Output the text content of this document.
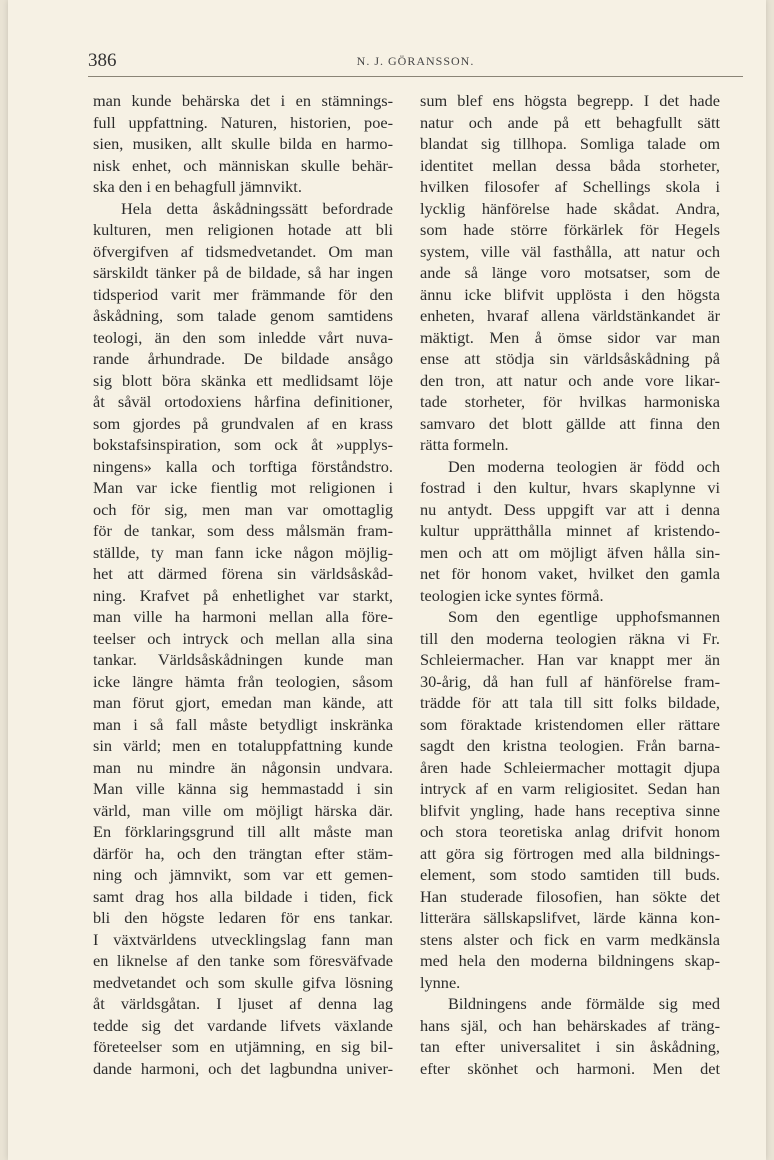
386	N. J. GÖRANSSON.
man kunde behärska det i en stämnings-
full uppfattning. Naturen, historien, poe-
sien, musiken, allt skulle bilda en harmo-
nisk enhet, och människan skulle behär-
ska den i en behagfull jämnvikt.
Hela detta åskådningssätt befordrade
kulturen, men religionen hotade att bli
öfvergifven af tidsmedvetandet. Om man
särskildt tänker på de bildade, så har ingen
tidsperiod varit mer främmande för den
åskådning, som talade genom samtidens
teologi, än den som inledde vårt nuva-
rande århundrade. De bildade ansågo
sig blott böra skänka ett medlidsamt löje
åt såväl ortodoxiens hårfina definitioner,
som gjordes på grundvalen af en krass
bokstafsinspiration, som ock åt »upplys-
ningens» kalla och torftiga förståndstro.
Man var icke fientlig mot religionen i
och för sig, men man var omottaglig
för de tankar, som dess målsmän fram-
ställde, ty man fann icke någon möjlig-
het att därmed förena sin världsåskåd-
ning. Krafvet på enhetlighet var starkt,
man ville ha harmoni mellan alla före-
teelser och intryck och mellan alla sina
tankar. Världsåskådningen kunde man
icke längre hämta från teologien, såsom
man förut gjort, emedan man kände, att
man i så fall måste betydligt inskränka
sin värld; men en totaluppfattning kunde
man nu mindre än någonsin undvara.
Man ville känna sig hemmastadd i sin
värld, man ville om möjligt härska där.
En förklaringsgrund till allt måste man
därför ha, och den trängtan efter stäm-
ning och jämnvikt, som var ett gemen-
samt drag hos alla bildade i tiden, fick
bli den högste ledaren för ens tankar.
I växtvärldens utvecklingslag fann man
en liknelse af den tanke som föresväfvade
medvetandet och som skulle gifva lösning
åt världsgåtan. I ljuset af denna lag
tedde sig det vardande lifvets växlande
företeelser som en utjämning, en sig bil-
dande harmoni, och det lagbundna univer-
sum blef ens högsta begrepp. I det hade
natur och ande på ett behagfullt sätt
blandat sig tillhopa. Somliga talade om
identitet mellan dessa båda storheter,
hvilken filosofer af Schellings skola i
lycklig hänförelse hade skådat. Andra,
som hade större förkärlek för Hegels
system, ville väl fasthålla, att natur och
ande så länge voro motsatser, som de
ännu icke blifvit upplösta i den högsta
enheten, hvaraf allena världstänkandet är
mäktigt. Men å ömse sidor var man
ense att stödja sin världsåskådning på
den tron, att natur och ande vore likar-
tade storheter, för hvilkas harmoniska
samvaro det blott gällde att finna den
rätta formeln.
Den moderna teologien är född och
fostrad i den kultur, hvars skaplynne vi
nu antydt. Dess uppgift var att i denna
kultur upprätthålla minnet af kristendo-
men och att om möjligt äfven hålla sin-
net för honom vaket, hvilket den gamla
teologien icke syntes förmå.
Som den egentlige upphofsmannen
till den moderna teologien räkna vi Fr.
Schleiermacher. Han var knappt mer än
30-årig, då han full af hänförelse fram-
trädde för att tala till sitt folks bildade,
som föraktade kristendomen eller rättare
sagdt den kristna teologien. Från barna-
åren hade Schleiermacher mottagit djupa
intryck af en varm religiositet. Sedan han
blifvit yngling, hade hans receptiva sinne
och stora teoretiska anlag drifvit honom
att göra sig förtrogen med alla bildnings-
element, som stodo samtiden till buds.
Han studerade filosofien, han sökte det
litterära sällskapslifvet, lärde känna kon-
stens alster och fick en varm medkänsla
med hela den moderna bildningens skap-
lynne.
Bildningens ande förmälde sig med
hans själ, och han behärskades af träng-
tan efter universalitet i sin åskådning,
efter skönhet och harmoni. Men det
